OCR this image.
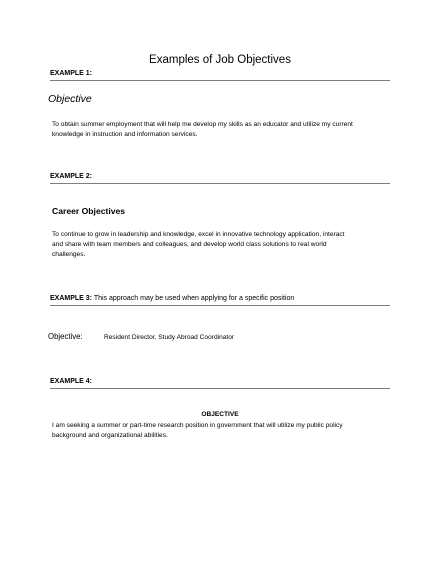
Examples of Job Objectives
EXAMPLE 1:
Objective
To obtain summer employment that will help me develop my skills as an educator and utilize my current
knowledge in instruction and information services.
EXAMPLE 2:
Career Objectives
To continue to grow in leadership and knowledge, excel in innovative technology application, interact
and share with team members and colleagues, and develop world class solutions to real world
challenges.
EXAMPLE 3: This approach may be used when applying for a specific position
Objective:	Resident Director, Study Abroad Coordinator
EXAMPLE 4:
OBJECTIVE
I am seeking a summer or part-time research position in government that will utilize my public policy
background and organizational abilities.
